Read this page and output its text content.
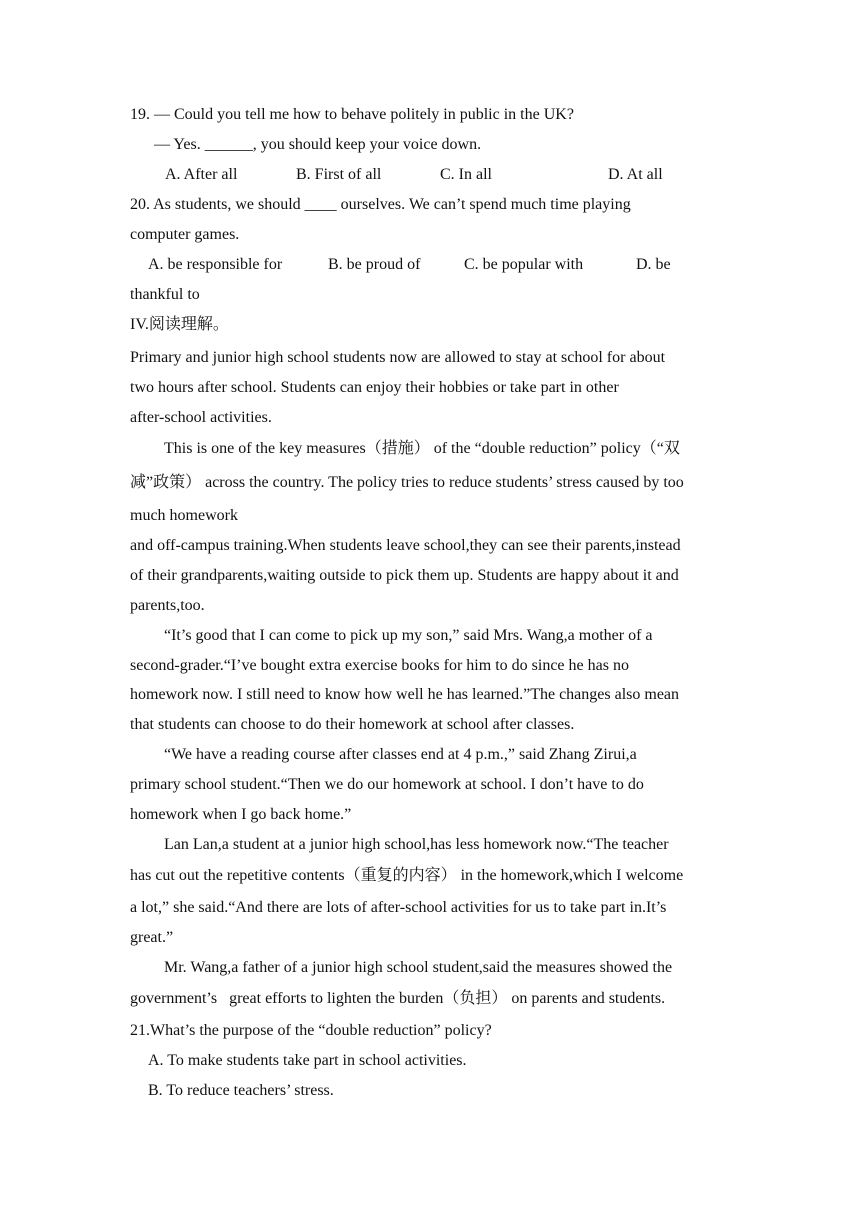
19. — Could you tell me how to behave politely in public in the UK?
— Yes. ______, you should keep your voice down.
A. After all	B. First of all	C. In all	D. At all
20. As students, we should ____ ourselves. We can’t spend much time playing
computer games.
A. be responsible for	B. be proud of	C. be popular with	D. be
thankful to
IV.阅读理解。
Primary and junior high school students now are allowed to stay at school for about
two hours after school. Students can enjoy their hobbies or take part in other
after-school activities.
This is one of the key measures（措施） of the “double reduction” policy（“双
减”政策） across the country. The policy tries to reduce students’ stress caused by too
much homework
and off-campus training.When students leave school,they can see their parents,instead
of their grandparents,waiting outside to pick them up. Students are happy about it and
parents,too.
“It’s good that I can come to pick up my son,” said Mrs. Wang,a mother of a
second-grader.“I’ve bought extra exercise books for him to do since he has no
homework now. I still need to know how well he has learned.”The changes also mean
that students can choose to do their homework at school after classes.
“We have a reading course after classes end at 4 p.m.,” said Zhang Zirui,a
primary school student.“Then we do our homework at school. I don’t have to do
homework when I go back home.”
Lan Lan,a student at a junior high school,has less homework now.“The teacher
has cut out the repetitive contents（重复的内容） in the homework,which I welcome
a lot,” she said.“And there are lots of after-school activities for us to take part in.It’s
great.”
Mr. Wang,a father of a junior high school student,said the measures showed the
government’s   great efforts to lighten the burden（负担） on parents and students.
21.What’s the purpose of the “double reduction” policy?
A. To make students take part in school activities.
B. To reduce teachers’ stress.
